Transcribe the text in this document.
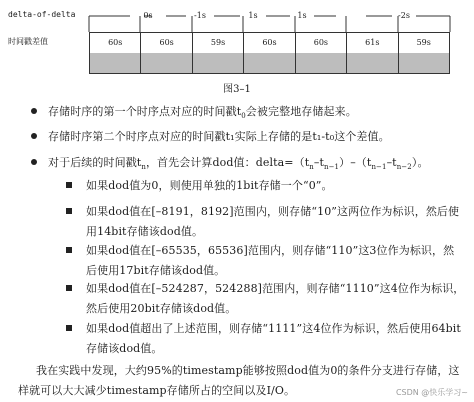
delta-of-delta
时间戳差值
0s	-1s	1s	1s	-2s
60s	60s	59s	60s	60s	61s	59s
图3–1
存储时序的第一个时序点对应的时间戳$t_0$会被完整地存储起来。
存储时序第二个时序点对应的时间戳t₁实际上存储的是t₁-t₀这个差值。
对于后续的时间戳$t_n$，首先会计算dod值：$delta=(t_n-t_{n-1})-(t_{n-1}-t_{n-2})$。
如果dod值为0，则使用单独的1bit存储一个“0”。
如果dod值在[–8191，8192]范围内，则存储“10”这两位作为标识，然后使
用14bit存储该dod值。
如果dod值在[–65535，65536]范围内，则存储“110”这3位作为标识，然
后使用17bit存储该dod值。
如果dod值在[–524287，524288]范围内，则存储“1110”这4位作为标识，
然后使用20bit存储该dod值。
如果dod值超出了上述范围，则存储“1111”这4位作为标识，然后使用64bit
存储该dod值。
我在实践中发现，大约95%的timestamp能够按照dod值为0的条件分支进行存储，这
样就可以大大减少timestamp存储所占的空间以及I/O。	CSDN @快乐学习~
